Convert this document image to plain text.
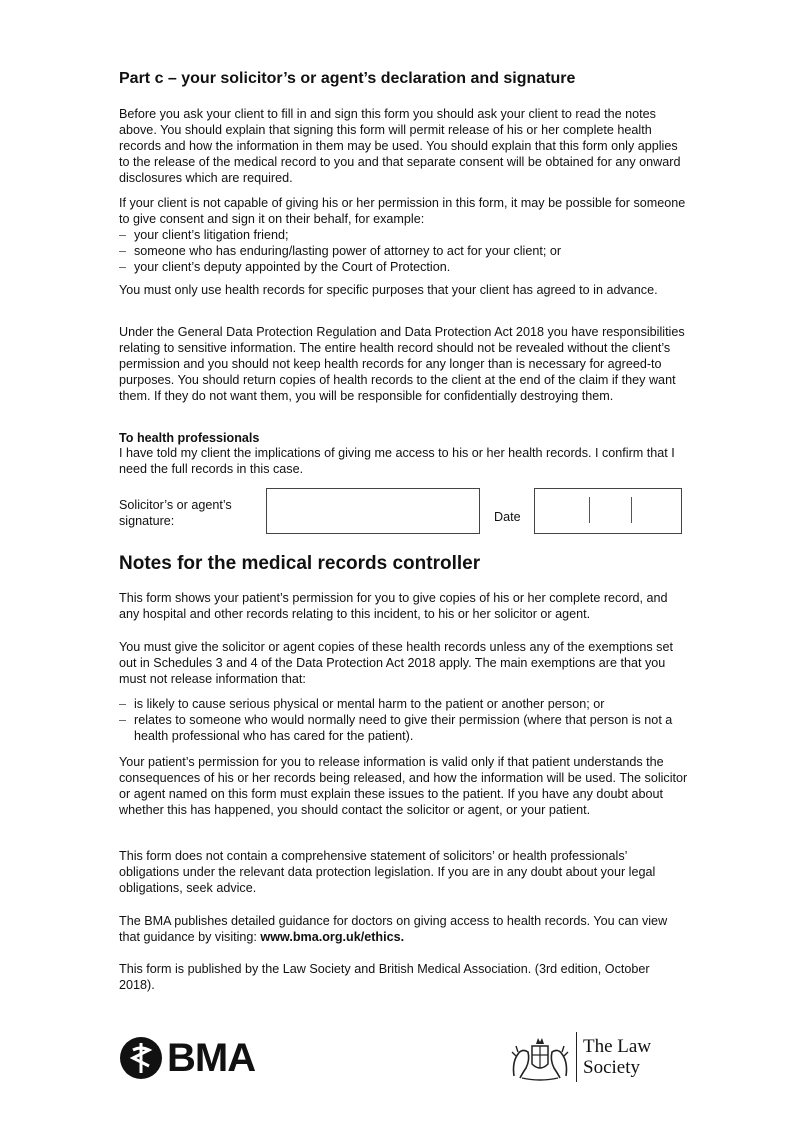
Part c – your solicitor’s or agent’s declaration and signature

Before you ask your client to fill in and sign this form you should ask your client to read the notes above. You should explain that signing this form will permit release of his or her complete health records and how the information in them may be used. You should explain that this form only applies to the release of the medical record to you and that separate consent will be obtained for any onward disclosures which are required.

If your client is not capable of giving his or her permission in this form, it may be possible for someone to give consent and sign it on their behalf, for example:

– your client’s litigation friend;
– someone who has enduring/lasting power of attorney to act for your client; or
– your client’s deputy appointed by the Court of Protection.

You must only use health records for specific purposes that your client has agreed to in advance.

Under the General Data Protection Regulation and Data Protection Act 2018 you have responsibilities relating to sensitive information. The entire health record should not be revealed without the client’s permission and you should not keep health records for any longer than is necessary for agreed-to purposes. You should return copies of health records to the client at the end of the claim if they want them. If they do not want them, you will be responsible for confidentially destroying them.

To health professionals

I have told my client the implications of giving me access to his or her health records. I confirm that I need the full records in this case.

Solicitor’s or agent’s signature:	Date
Notes for the medical records controller

This form shows your patient’s permission for you to give copies of his or her complete record, and any hospital and other records relating to this incident, to his or her solicitor or agent.

You must give the solicitor or agent copies of these health records unless any of the exemptions set out in Schedules 3 and 4 of the Data Protection Act 2018 apply. The main exemptions are that you must not release information that:

– is likely to cause serious physical or mental harm to the patient or another person; or
– relates to someone who would normally need to give their permission (where that person is not a health professional who has cared for the patient).

Your patient’s permission for you to release information is valid only if that patient understands the consequences of his or her records being released, and how the information will be used. The solicitor or agent named on this form must explain these issues to the patient. If you have any doubt about whether this has happened, you should contact the solicitor or agent, or your patient.

This form does not contain a comprehensive statement of solicitors’ or health professionals’ obligations under the relevant data protection legislation. If you are in any doubt about your legal obligations, seek advice.

The BMA publishes detailed guidance for doctors on giving access to health records. You can view that guidance by visiting: www.bma.org.uk/ethics.

This form is published by the Law Society and British Medical Association. (3rd edition, October 2018).

BMA	The Law
Society
